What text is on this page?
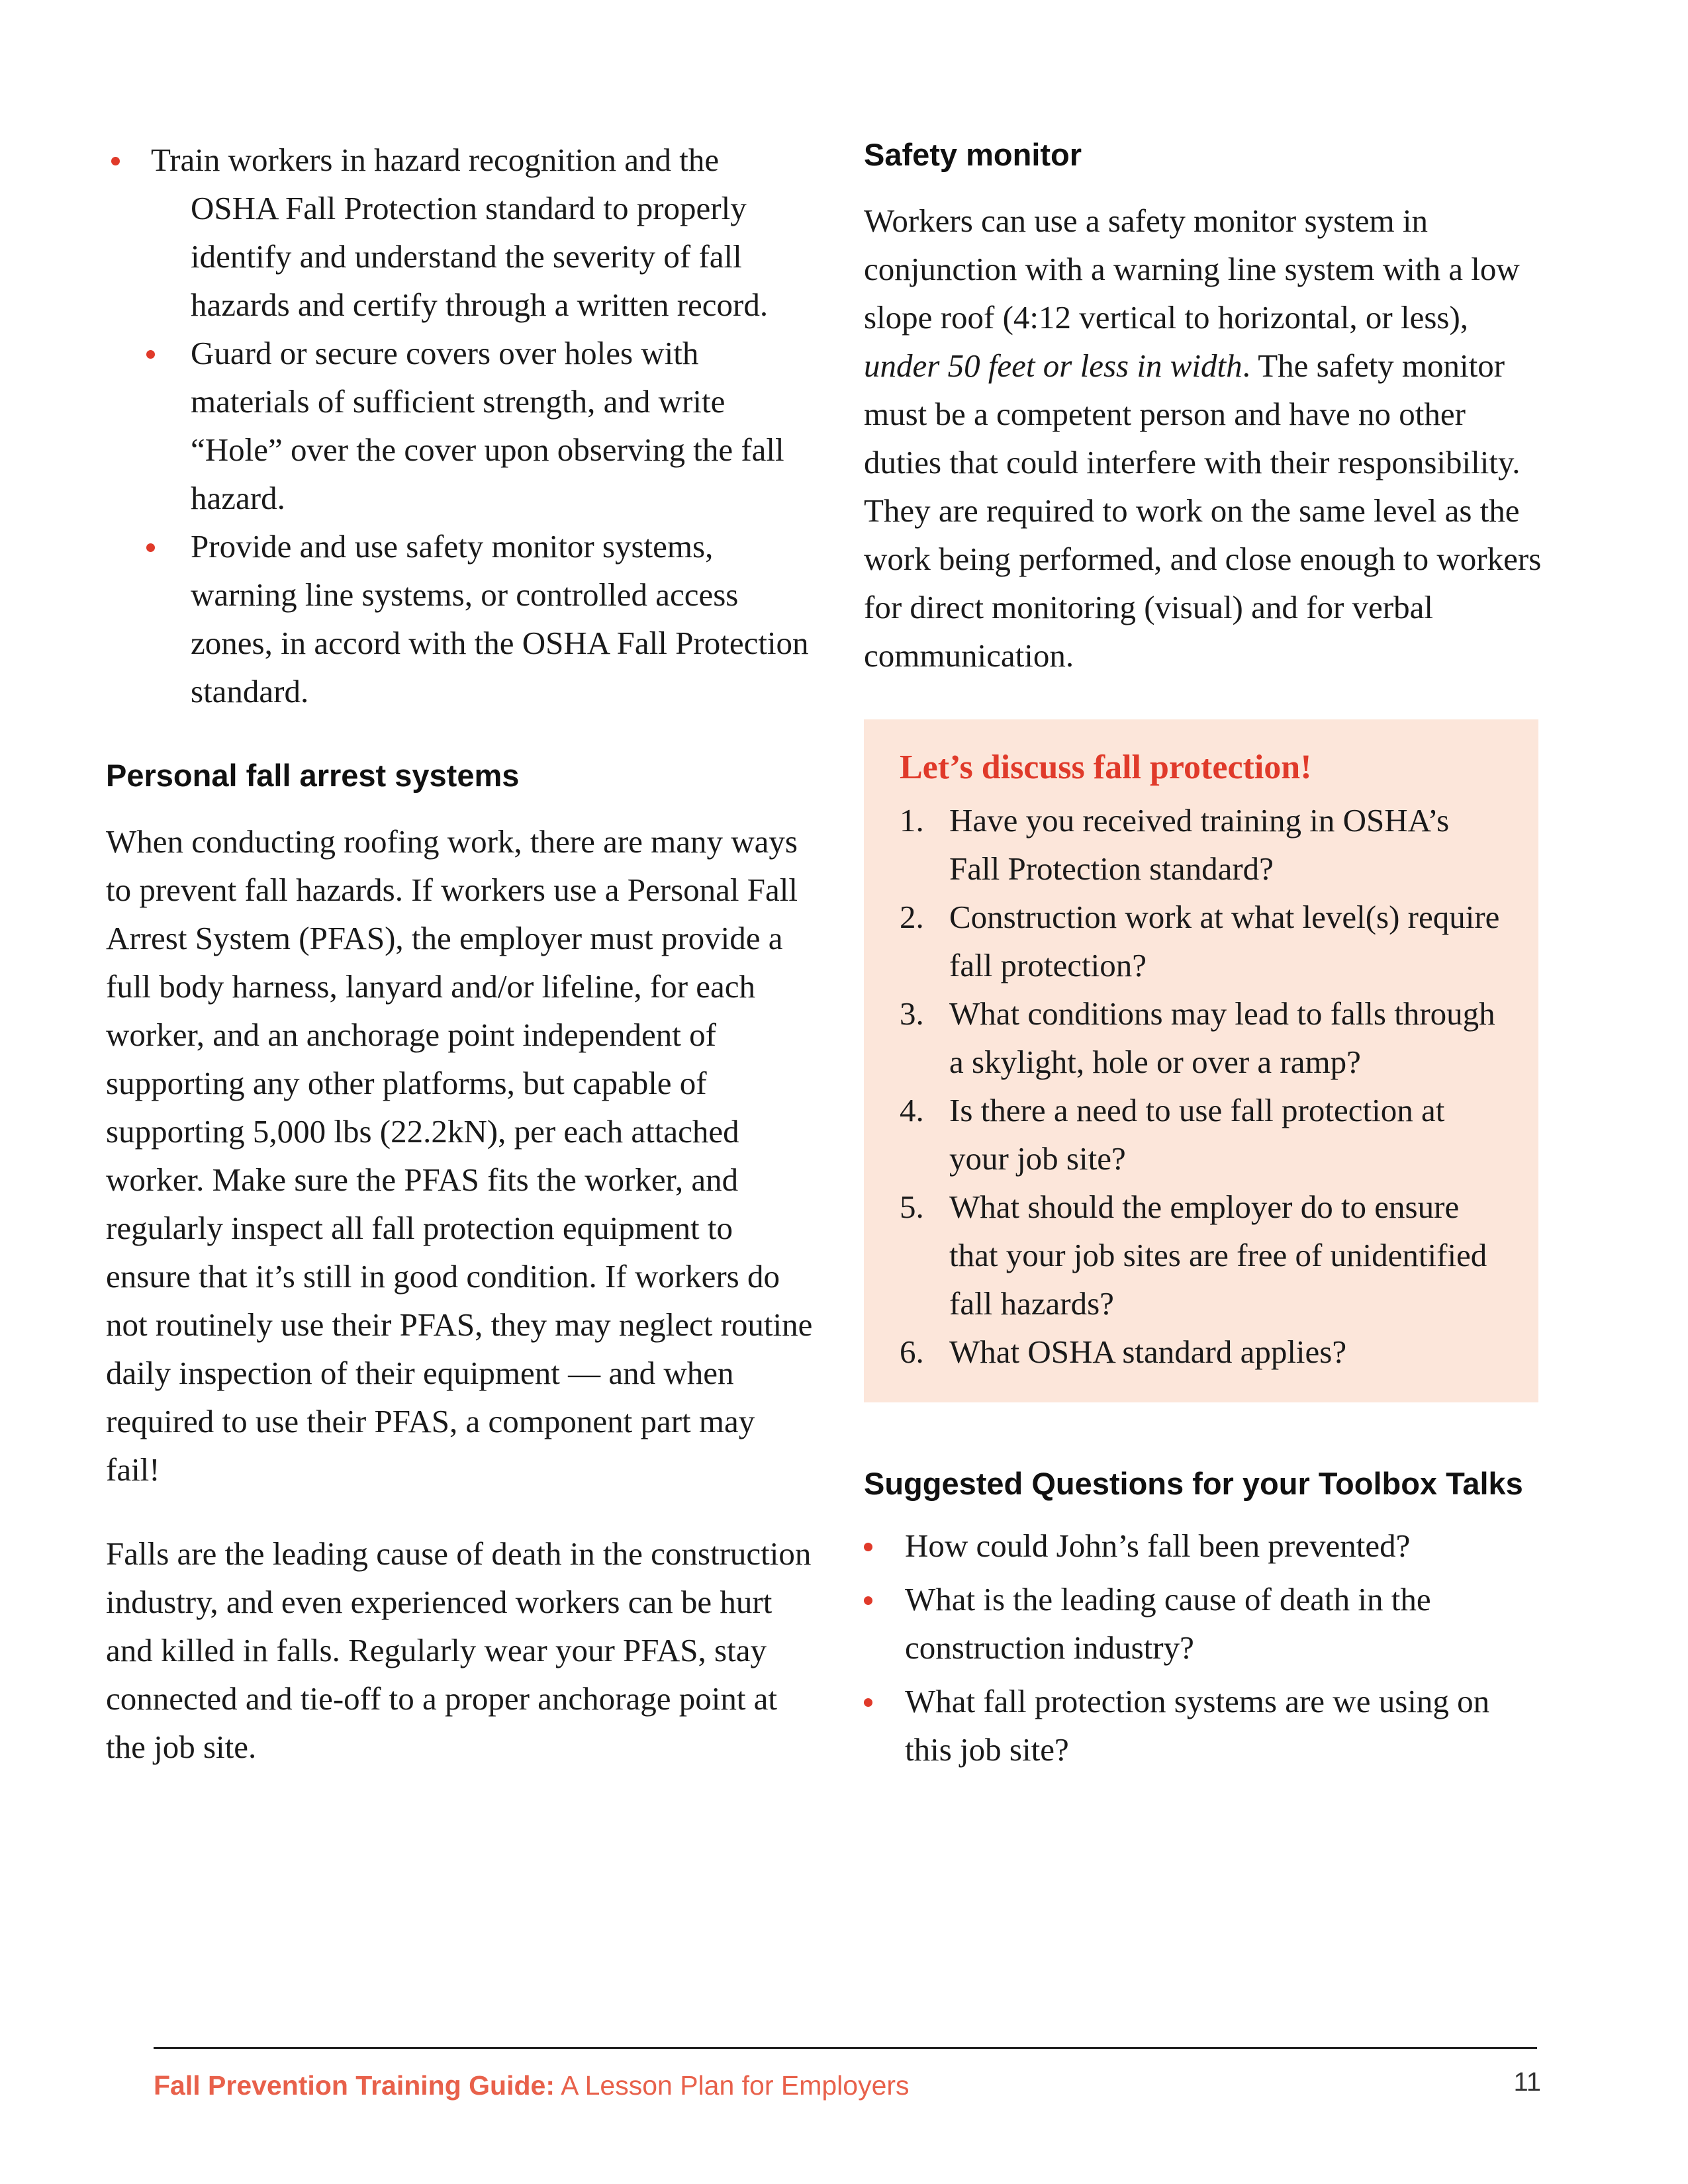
Train workers in hazard recognition and the
OSHA Fall Protection standard to properly identify and understand the severity of fall hazards and certify through a written record.
Guard or secure covers over holes with materials of sufficient strength, and write “Hole” over the cover upon observing the fall hazard.
Provide and use safety monitor systems, warning line systems, or controlled access zones, in accord with the OSHA Fall Protection standard.
Personal fall arrest systems

When conducting roofing work, there are many ways to prevent fall hazards. If workers use a Personal Fall Arrest System (PFAS), the employer must provide a full body harness, lanyard and/or lifeline, for each worker, and an anchorage point independent of supporting any other platforms, but capable of supporting 5,000 lbs (22.2kN), per each attached worker. Make sure the PFAS fits the worker, and regularly inspect all fall protection equipment to ensure that it’s still in good condition. If workers do not routinely use their PFAS, they may neglect routine daily inspection of their equipment — and when required to use their PFAS, a component part may fail!

Falls are the leading cause of death in the construction industry, and even experienced workers can be hurt and killed in falls. Regularly wear your PFAS, stay connected and tie-off to a proper anchorage point at the job site.

Safety monitor

Workers can use a safety monitor system in conjunction with a warning line system with a low slope roof (4:12 vertical to horizontal, or less), under 50 feet or less in width. The safety monitor must be a competent person and have no other duties that could interfere with their responsibility. They are required to work on the same level as the work being performed, and close enough to workers for direct monitoring (visual) and for verbal communication.

Let’s discuss fall protection!
1. Have you received training in OSHA’s Fall Protection standard?
2. Construction work at what level(s) require fall protection?
3. What conditions may lead to falls through a skylight, hole or over a ramp?
4. Is there a need to use fall protection at your job site?
5. What should the employer do to ensure that your job sites are free of unidentified fall hazards?
6. What OSHA standard applies?
Suggested Questions for your Toolbox Talks
How could John’s fall been prevented?
What is the leading cause of death in the construction industry?
What fall protection systems are we using on this job site?
Fall Prevention Training Guide: A Lesson Plan for Employers	11
